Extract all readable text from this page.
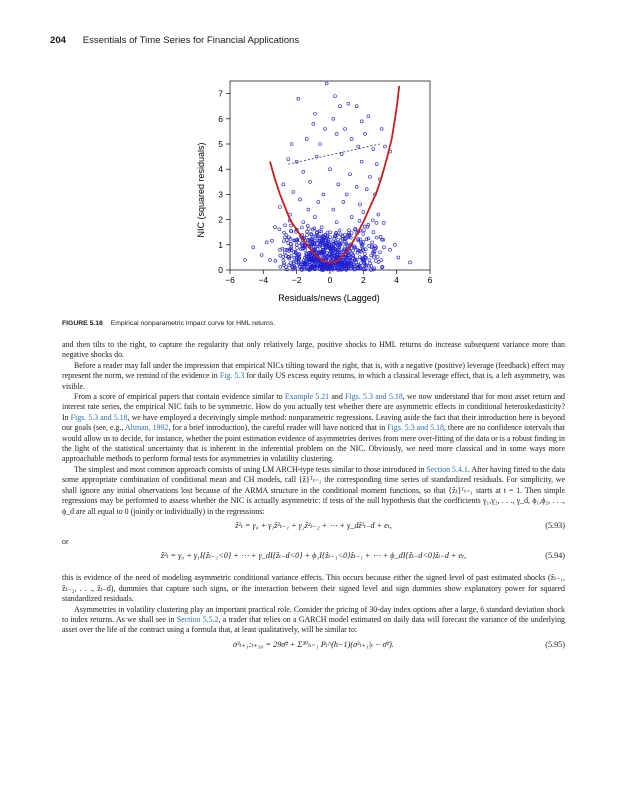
204 Essentials of Time Series for Financial Applications
−6	−4	−2	0	2	4	6
0
1
2
3
4
5
6
7
Residuals/news (Lagged)
NIC (squared residuals)
FIGURE 5.18 Empirical nonparametric impact curve for HML returns.

and then tilts to the right, to capture the regularity that only relatively large, positive shocks to HML returns do increase subsequent variance more than negative shocks do.

Before a reader may fall under the impression that empirical NICs tilting toward the right, that is, with a negative (positive) leverage (feedback) effect may represent the norm, we remind of the evidence in Fig. 5.3 for daily US excess equity returns, in which a classical leverage effect, that is, a left asymmetry, was visible.

From a score of empirical papers that contain evidence similar to Example 5.21 and Figs. 5.3 and 5.18, we now understand that for most asset return and interest rate series, the empirical NIC fails to be symmetric. How do you actually test whether there are asymmetric effects in conditional heteroskedasticity? In Figs. 5.3 and 5.18, we have employed a deceivingly simple method: nonparametric regressions. Leaving aside the fact that their introduction here is beyond our goals (see, e.g., Altman, 1992, for a brief introduction), the careful reader will have noticed that in Figs. 5.3 and 5.18, there are no confidence intervals that would allow us to decide, for instance, whether the point estimation evidence of asymmetries derives from mere over-fitting of the data or is a robust finding in the light of the statistical uncertainty that is inherent in the inferential problem on the NIC. Obviously, we need more classical and in some ways more approachable methods to perform formal tests for asymmetries in volatility clustering.

The simplest and most common approach consists of using LM ARCH-type tests similar to those introduced in Section 5.4.1. After having fitted to the data some appropriate combination of conditional mean and CH models, call {ẑ}ᵀₜ₌₁ the corresponding time series of standardized residuals. For simplicity, we shall ignore any initial observations lost because of the ARMA structure in the conditional moment functions, so that {ẑₜ}ᵀₜ₌₁ starts at t = 1. Then simple regressions may be performed to assess whether the NIC is actually asymmetric: if tests of the null hypothesis that the coefficients γ₁,γ₂, . . ., γ_d, ϕ₁,ϕ₂, . . ., ϕ_d are all equal to 0 (jointly or individually) in the regressions:

ẑ²ₜ = γ₀ + γ₁ẑ²ₜ₋₁ + γ₂ẑ²ₜ₋₂ + ⋯ + γ_dẑ²ₜ₋d + eₜ,	(5.93)

or

ẑ²ₜ = γ₀ + γ₁I{ẑₜ₋₁<0} + ⋯ + γ_dI{ẑₜ₋d<0} + ϕ₁I{ẑₜ₋₁<0}ẑₜ₋₁ + ⋯ + ϕ_dI{ẑₜ₋d<0}ẑₜ₋d + eₜ,	(5.94)

this is evidence of the need of modeling asymmetric conditional variance effects. This occurs because either the signed level of past estimated shocks (ẑₜ₋₁, ẑₜ₋₂, . . ., ẑₜ₋d), dummies that capture such signs, or the interaction between their signed level and sign dummies show explanatory power for squared standardized residuals.

Asymmetries in volatility clustering play an important practical role. Consider the pricing of 30-day index options after a large, 6 standard deviation shock to index returns. As we shall see in Section 5.5.2, a trader that relies on a GARCH model estimated on daily data will forecast the variance of the underlying asset over the life of the contract using a formula that, at least qualitatively, will be similar to:

σ²ₜ₊₁:ₜ₊₃₀ = 29σ̄² + Σ³⁰ₕ₌₁ Pₗ^(h−1)(σ²ₜ₊₁|ₜ − σ̄²).	(5.95)
